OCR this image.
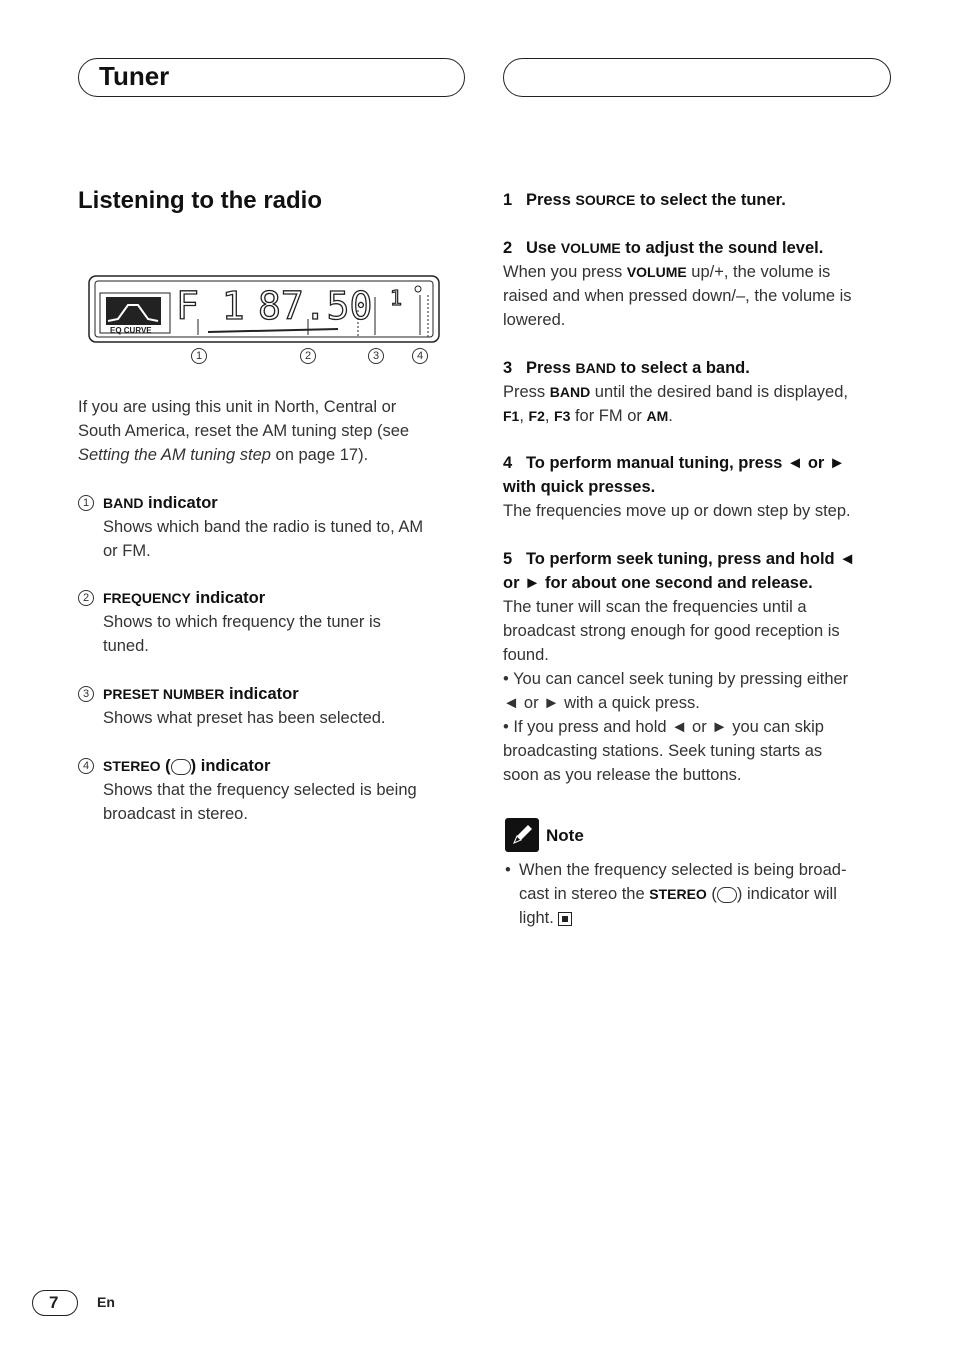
Tuner
Listening to the radio
EQ CURVE
F 1 87.50 1
1	2	3	4
If you are using this unit in North, Central or
South America, reset the AM tuning step (see
Setting the AM tuning step on page 17).
1 BAND indicator
Shows which band the radio is tuned to, AM
or FM.
2 FREQUENCY indicator
Shows to which frequency the tuner is
tuned.
3 PRESET NUMBER indicator
Shows what preset has been selected.
4 STEREO ( ) indicator
Shows that the frequency selected is being
broadcast in stereo.
1 Press SOURCE to select the tuner.
2 Use VOLUME to adjust the sound level.
When you press VOLUME up/+, the volume is
raised and when pressed down/–, the volume is
lowered.
3 Press BAND to select a band.
Press BAND until the desired band is displayed,
F1, F2, F3 for FM or AM.
4 To perform manual tuning, press ◄ or ►
with quick presses.
The frequencies move up or down step by step.
5 To perform seek tuning, press and hold ◄
or ► for about one second and release.
The tuner will scan the frequencies until a
broadcast strong enough for good reception is
found.
• You can cancel seek tuning by pressing either
◄ or ► with a quick press.
• If you press and hold ◄ or ► you can skip
broadcasting stations. Seek tuning starts as
soon as you release the buttons.
Note
• When the frequency selected is being broad-
cast in stereo the STEREO ( ) indicator will
light.
7	En
